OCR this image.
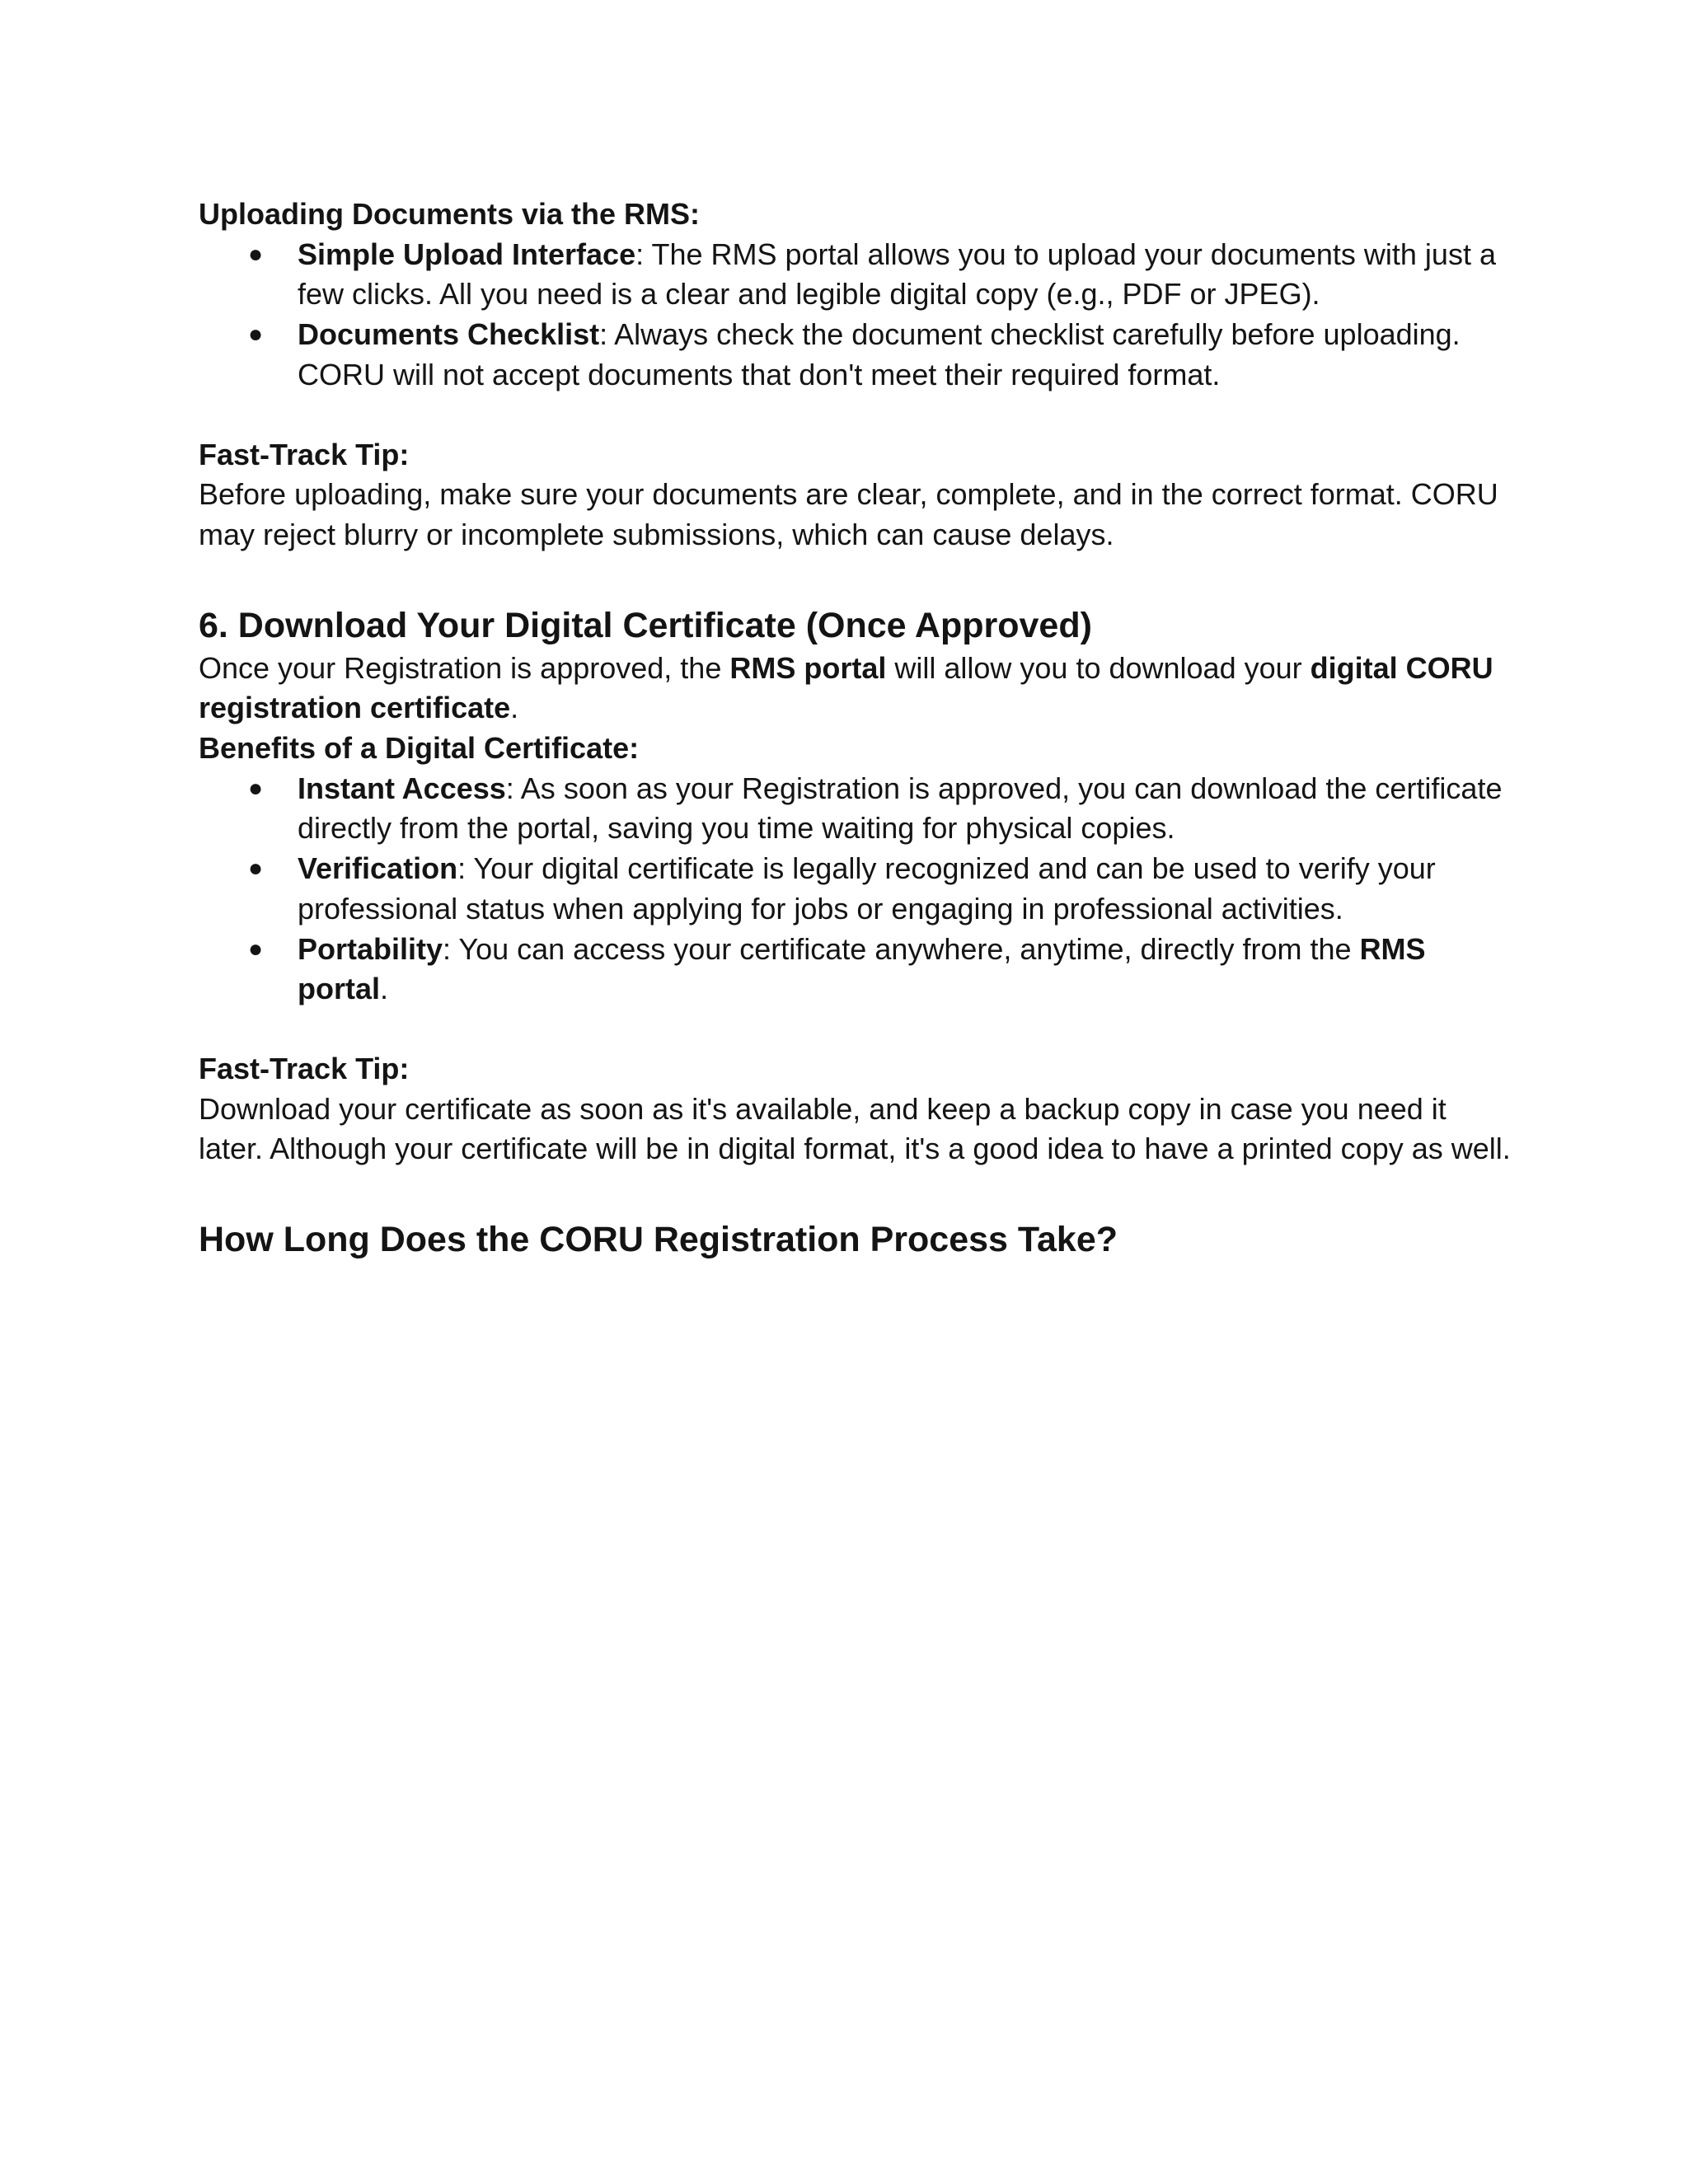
Uploading Documents via the RMS:

● Simple Upload Interface: The RMS portal allows you to upload your documents with just a few clicks. All you need is a clear and legible digital copy (e.g., PDF or JPEG).
● Documents Checklist: Always check the document checklist carefully before uploading. CORU will not accept documents that don't meet their required format.

Fast-Track Tip:

Before uploading, make sure your documents are clear, complete, and in the correct format. CORU may reject blurry or incomplete submissions, which can cause delays.

6. Download Your Digital Certificate (Once Approved)

Once your Registration is approved, the RMS portal will allow you to download your digital CORU registration certificate.

Benefits of a Digital Certificate:

● Instant Access: As soon as your Registration is approved, you can download the certificate directly from the portal, saving you time waiting for physical copies.
● Verification: Your digital certificate is legally recognized and can be used to verify your professional status when applying for jobs or engaging in professional activities.
● Portability: You can access your certificate anywhere, anytime, directly from the RMS portal.

Fast-Track Tip:

Download your certificate as soon as it's available, and keep a backup copy in case you need it later. Although your certificate will be in digital format, it's a good idea to have a printed copy as well.

How Long Does the CORU Registration Process Take?
